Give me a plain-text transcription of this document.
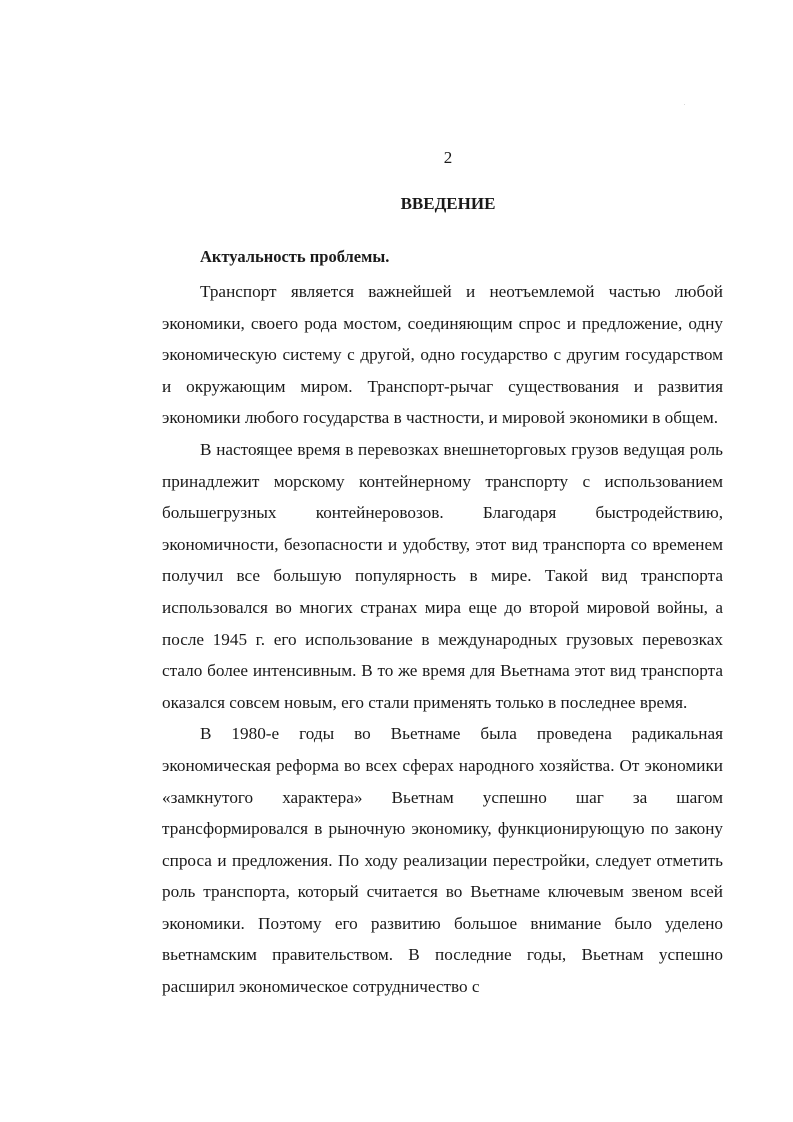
2
ВВЕДЕНИЕ
Актуальность проблемы.

Транспорт является важнейшей и неотъемлемой частью любой экономики, своего рода мостом, соединяющим спрос и предложение, одну экономическую систему с другой, одно государство с другим государством и окружающим миром. Транспорт-рычаг существования и развития экономики любого государства в частности, и мировой экономики в общем.

В настоящее время в перевозках внешнеторговых грузов ведущая роль принадлежит морскому контейнерному транспорту с использованием большегрузных контейнеровозов. Благодаря быстродействию, экономичности, безопасности и удобству, этот вид транспорта со временем получил все большую популярность в мире. Такой вид транспорта использовался во многих странах мира еще до второй мировой войны, а после 1945 г. его использование в международных грузовых перевозках стало более интенсивным. В то же время для Вьетнама этот вид транспорта оказался совсем новым, его стали применять только в последнее время.

В 1980-е годы во Вьетнаме была проведена радикальная экономическая реформа во всех сферах народного хозяйства. От экономики «замкнутого характера» Вьетнам успешно шаг за шагом трансформировался в рыночную экономику, функционирующую по закону спроса и предложения. По ходу реализации перестройки, следует отметить роль транспорта, который считается во Вьетнаме ключевым звеном всей экономики. Поэтому его развитию большое внимание было уделено вьетнамским правительством. В последние годы, Вьетнам успешно расширил экономическое сотрудничество с
